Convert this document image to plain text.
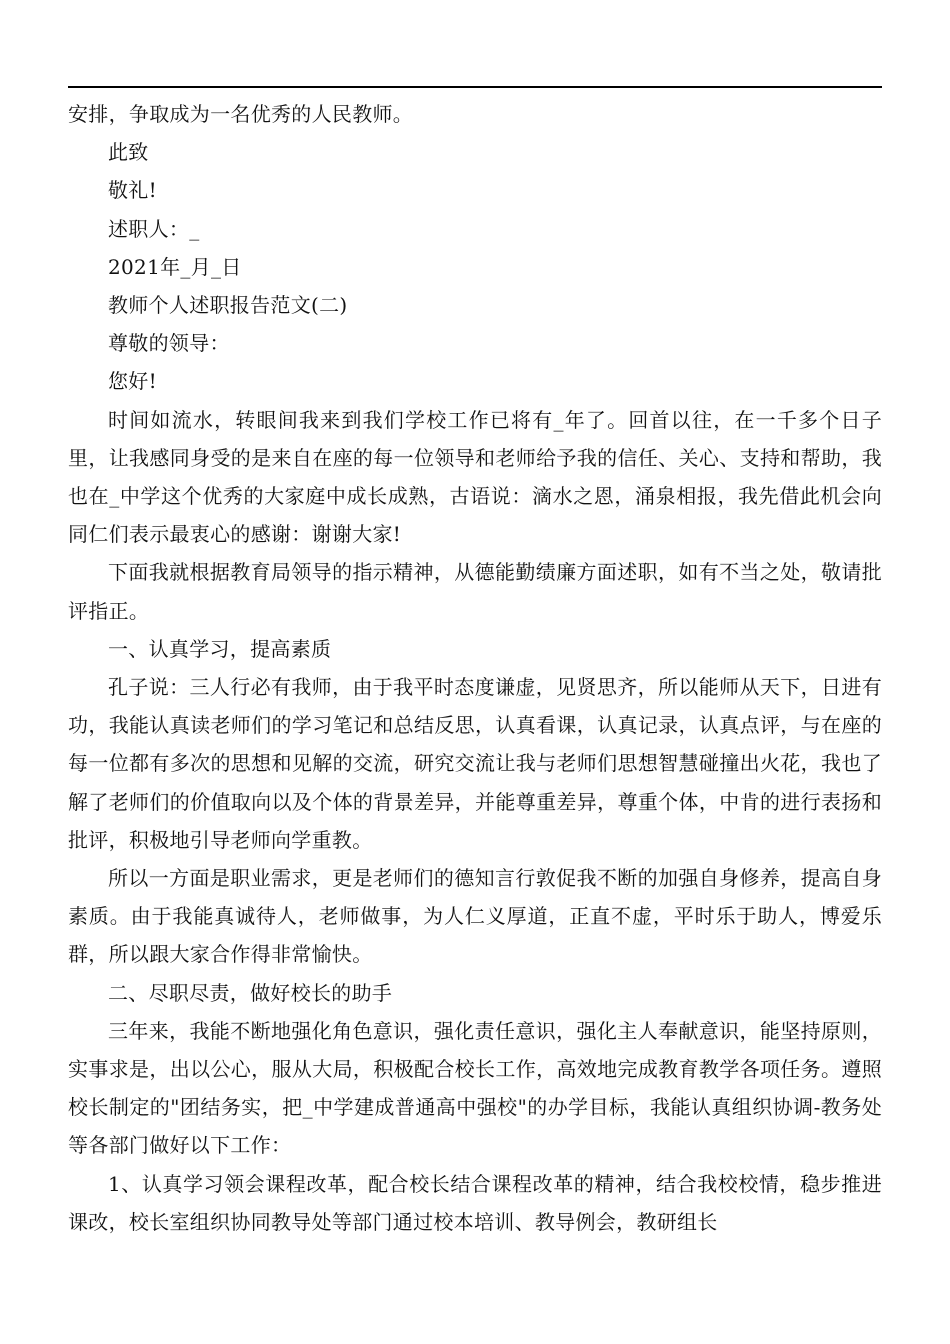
安排，争取成为一名优秀的人民教师。

此致

敬礼!

述职人：_

2021年_月_日

教师个人述职报告范文(二)

尊敬的领导：

您好!

时间如流水，转眼间我来到我们学校工作已将有_年了。回首以往，在一千多个日子里，让我感同身受的是来自在座的每一位领导和老师给予我的信任、关心、支持和帮助，我也在_中学这个优秀的大家庭中成长成熟，古语说：滴水之恩，涌泉相报，我先借此机会向同仁们表示最衷心的感谢：谢谢大家!

下面我就根据教育局领导的指示精神，从德能勤绩廉方面述职，如有不当之处，敬请批评指正。

一、认真学习，提高素质

孔子说：三人行必有我师，由于我平时态度谦虚，见贤思齐，所以能师从天下，日进有功，我能认真读老师们的学习笔记和总结反思，认真看课，认真记录，认真点评，与在座的每一位都有多次的思想和见解的交流，研究交流让我与老师们思想智慧碰撞出火花，我也了解了老师们的价值取向以及个体的背景差异，并能尊重差异，尊重个体，中肯的进行表扬和批评，积极地引导老师向学重教。

所以一方面是职业需求，更是老师们的德知言行敦促我不断的加强自身修养，提高自身素质。由于我能真诚待人，老师做事，为人仁义厚道，正直不虚，平时乐于助人，博爱乐群，所以跟大家合作得非常愉快。

二、尽职尽责，做好校长的助手

三年来，我能不断地强化角色意识，强化责任意识，强化主人奉献意识，能坚持原则，实事求是，出以公心，服从大局，积极配合校长工作，高效地完成教育教学各项任务。遵照校长制定的"团结务实，把_中学建成普通高中强校"的办学目标，我能认真组织协调-教务处等各部门做好以下工作：

1、认真学习领会课程改革，配合校长结合课程改革的精神，结合我校校情，稳步推进课改，校长室组织协同教导处等部门通过校本培训、教导例会，教研组长
